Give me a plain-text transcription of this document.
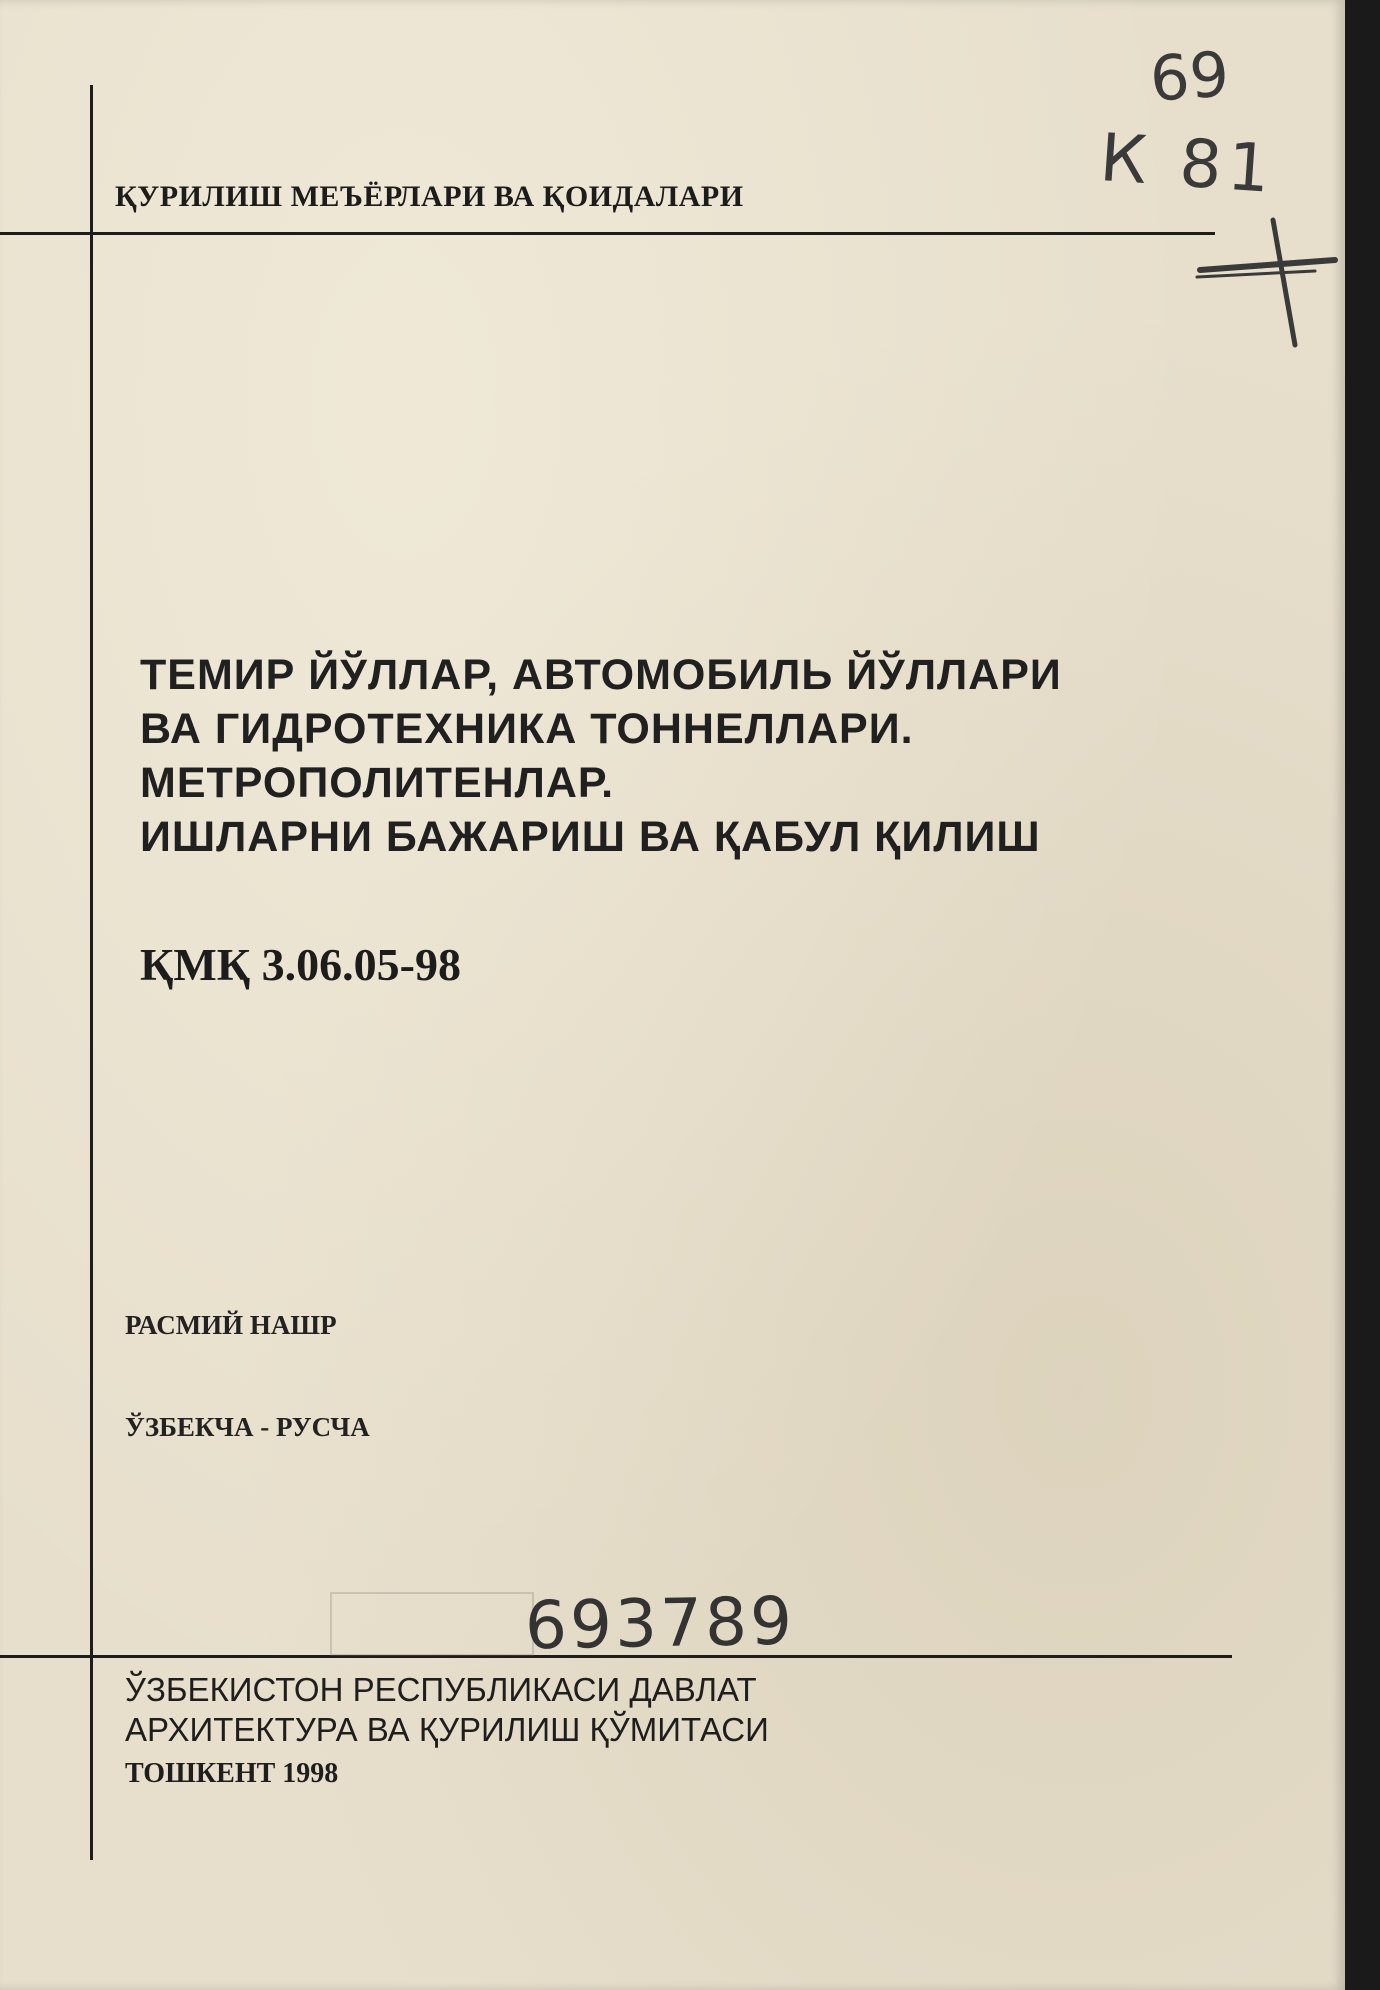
ҚУРИЛИШ МЕЪЁРЛАРИ ВА ҚОИДАЛАРИ
69
К 81
ТЕМИР ЙЎЛЛАР, АВТОМОБИЛЬ ЙЎЛЛАРИ
ВА ГИДРОТЕХНИКА ТОННЕЛЛАРИ.
МЕТРОПОЛИТЕНЛАР.
ИШЛАРНИ БАЖАРИШ ВА ҚАБУЛ ҚИЛИШ
ҚМҚ 3.06.05-98
РАСМИЙ НАШР
ЎЗБЕКЧА - РУСЧА
693789
ЎЗБЕКИСТОН РЕСПУБЛИКАСИ ДАВЛАТ
АРХИТЕКТУРА ВА ҚУРИЛИШ ҚЎМИТАСИ
ТОШКЕНТ 1998
